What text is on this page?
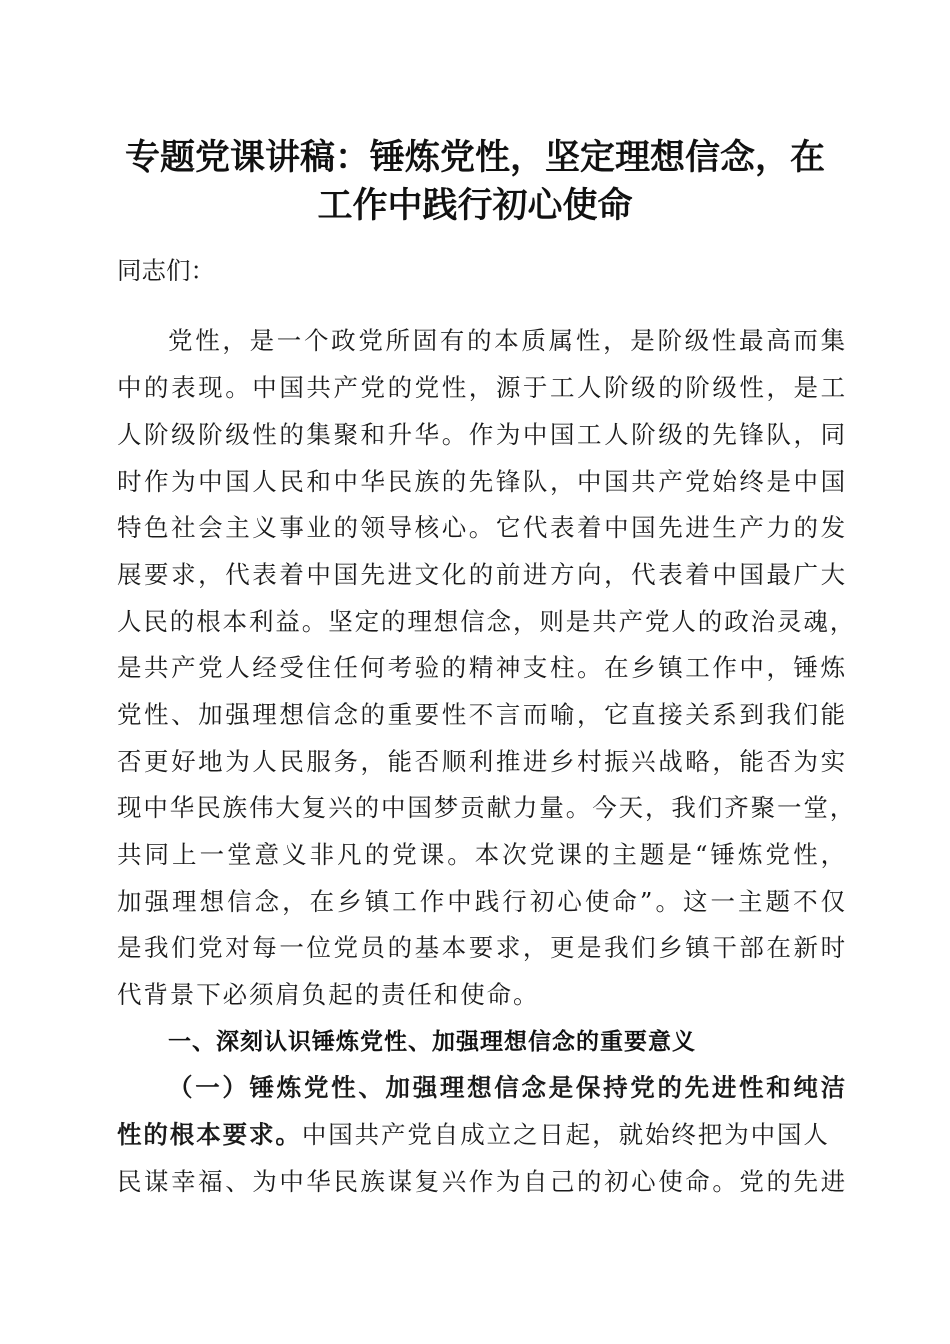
专题党课讲稿：锤炼党性，坚定理想信念，在
工作中践行初心使命
同志们：
党性，是一个政党所固有的本质属性，是阶级性最高而集
中的表现。中国共产党的党性，源于工人阶级的阶级性，是工
人阶级阶级性的集聚和升华。作为中国工人阶级的先锋队，同
时作为中国人民和中华民族的先锋队，中国共产党始终是中国
特色社会主义事业的领导核心。它代表着中国先进生产力的发
展要求，代表着中国先进文化的前进方向，代表着中国最广大
人民的根本利益。坚定的理想信念，则是共产党人的政治灵魂，
是共产党人经受住任何考验的精神支柱。在乡镇工作中，锤炼
党性、加强理想信念的重要性不言而喻，它直接关系到我们能
否更好地为人民服务，能否顺利推进乡村振兴战略，能否为实
现中华民族伟大复兴的中国梦贡献力量。今天，我们齐聚一堂，
共同上一堂意义非凡的党课。本次党课的主题是“锤炼党性，
加强理想信念，在乡镇工作中践行初心使命”。这一主题不仅
是我们党对每一位党员的基本要求，更是我们乡镇干部在新时
代背景下必须肩负起的责任和使命。
一、深刻认识锤炼党性、加强理想信念的重要意义
（一）锤炼党性、加强理想信念是保持党的先进性和纯洁
性的根本要求。中国共产党自成立之日起，就始终把为中国人
民谋幸福、为中华民族谋复兴作为自己的初心使命。党的先进
